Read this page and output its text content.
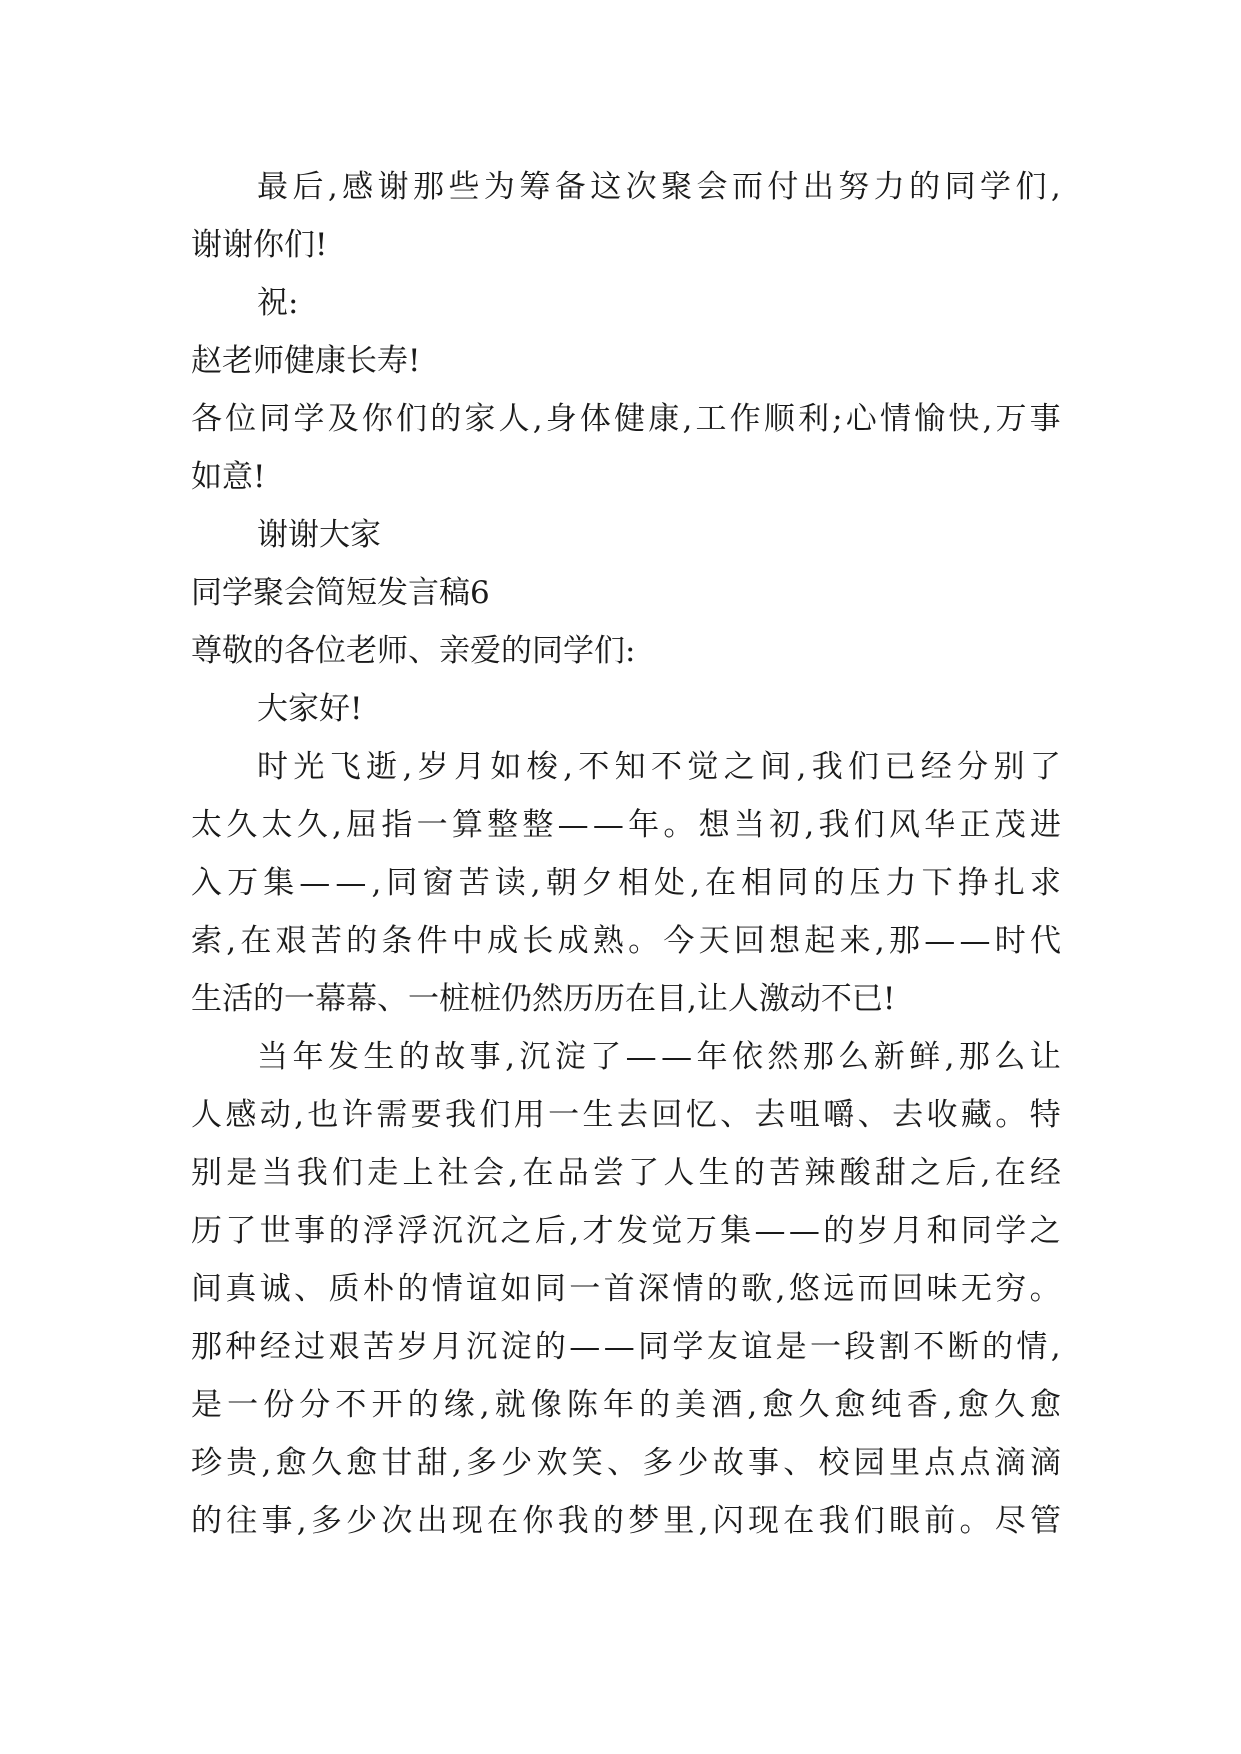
最 后 , 感 谢 那 些 为 筹 备 这 次 聚 会 而 付 出 努 力 的 同 学 们 ,
谢谢你们!
祝:
赵老师健康长寿!
各 位 同 学 及 你 们 的 家 人 , 身 体 健 康 , 工 作 顺 利 ; 心 情 愉 快 , 万 事
如意!
谢谢大家
同学聚会简短发言稿6
尊敬的各位老师、亲爱的同学们:
大家好!
时 光 飞 逝 , 岁 月 如 梭 , 不 知 不 觉 之 间 , 我 们 已 经 分 别 了
太 久 太 久 , 屈 指 一 算 整 整 — — 年 。 想 当 初 , 我 们 风 华 正 茂 进
入 万 集 — — , 同 窗 苦 读 , 朝 夕 相 处 , 在 相 同 的 压 力 下 挣 扎 求
索 , 在 艰 苦 的 条 件 中 成 长 成 熟 。 今 天 回 想 起 来 , 那 — — 时 代
生活的一幕幕、一桩桩仍然历历在目,让人激动不已!
当 年 发 生 的 故 事 , 沉 淀 了 — — 年 依 然 那 么 新 鲜 , 那 么 让
人 感 动 , 也 许 需 要 我 们 用 一 生 去 回 忆 、 去 咀 嚼 、 去 收 藏 。 特
别 是 当 我 们 走 上 社 会 , 在 品 尝 了 人 生 的 苦 辣 酸 甜 之 后 , 在 经
历 了 世 事 的 浮 浮 沉 沉 之 后 , 才 发 觉 万 集 — — 的 岁 月 和 同 学 之
间 真 诚 、 质 朴 的 情 谊 如 同 一 首 深 情 的 歌 , 悠 远 而 回 味 无 穷 。
那 种 经 过 艰 苦 岁 月 沉 淀 的 — — 同 学 友 谊 是 一 段 割 不 断 的 情 ,
是 一 份 分 不 开 的 缘 , 就 像 陈 年 的 美 酒 , 愈 久 愈 纯 香 , 愈 久 愈
珍 贵 , 愈 久 愈 甘 甜 , 多 少 欢 笑 、 多 少 故 事 、 校 园 里 点 点 滴 滴
的 往 事 , 多 少 次 出 现 在 你 我 的 梦 里 , 闪 现 在 我 们 眼 前 。 尽 管
